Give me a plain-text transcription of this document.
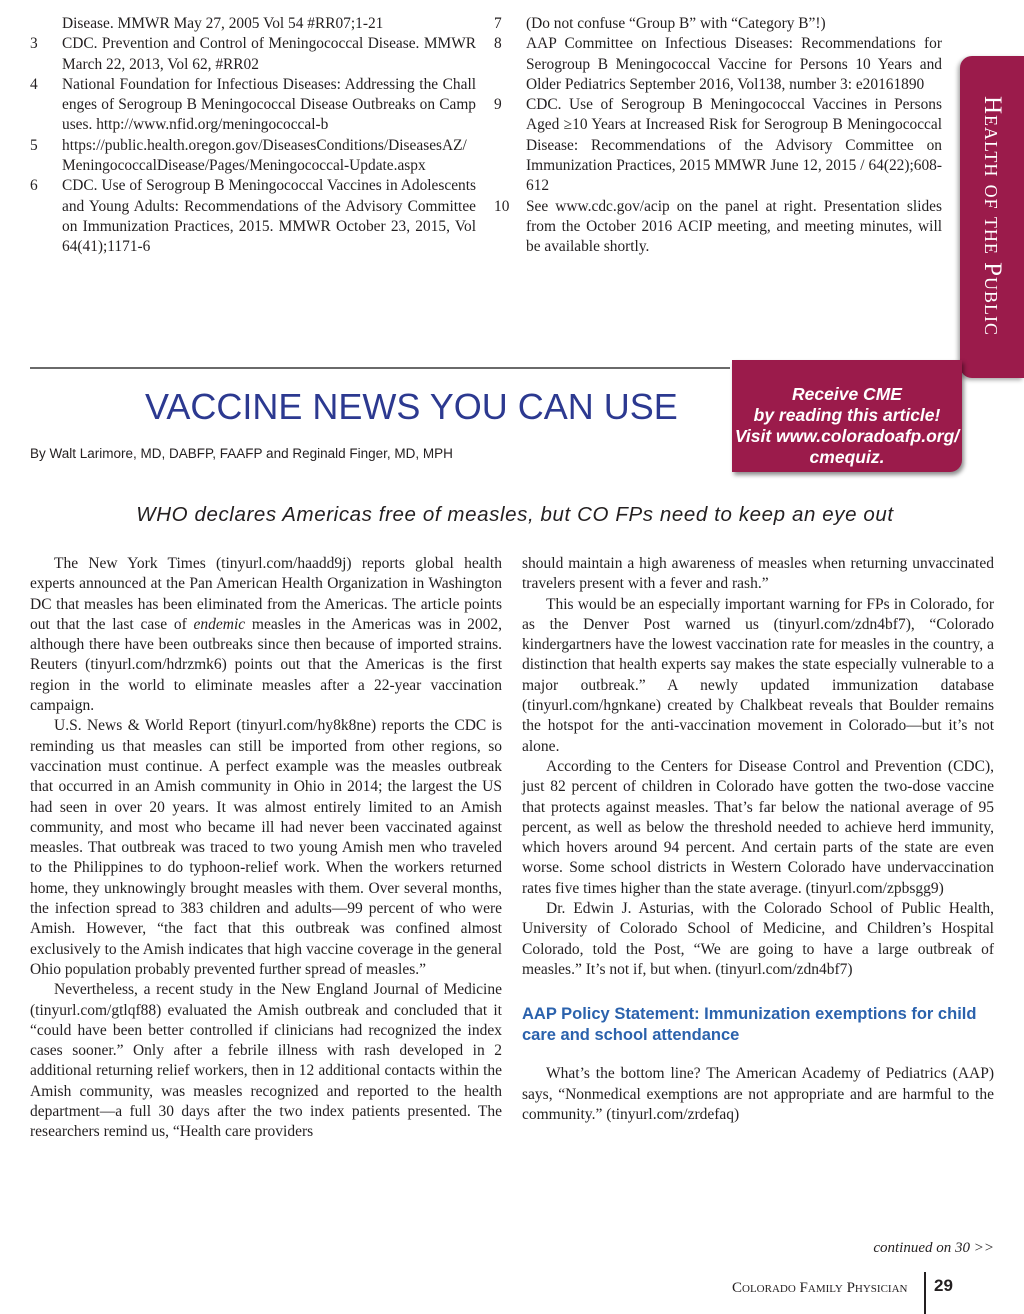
Disease. MMWR May 27, 2005 Vol 54 #RR07;1-21
3 CDC. Prevention and Control of Meningococcal Disease. MMWR March 22, 2013, Vol 62, #RR02
4 National Foundation for Infectious Diseases: Addressing the Challenges of Serogroup B Meningococcal Disease Outbreaks on Campuses. http://www.nfid.org/meningococcal-b
5 https://public.health.oregon.gov/DiseasesConditions/DiseasesAZ/MeningococcalDisease/Pages/Meningococcal-Update.aspx
6 CDC. Use of Serogroup B Meningococcal Vaccines in Adolescents and Young Adults: Recommendations of the Advisory Committee on Immunization Practices, 2015. MMWR October 23, 2015, Vol 64(41);1171-6
7 (Do not confuse “Group B” with “Category B”!)
8 AAP Committee on Infectious Diseases: Recommendations for Serogroup B Meningococcal Vaccine for Persons 10 Years and Older Pediatrics September 2016, Vol138, number 3: e20161890
9 CDC. Use of Serogroup B Meningococcal Vaccines in Persons Aged ≥10 Years at Increased Risk for Serogroup B Meningococcal Disease: Recommendations of the Advisory Committee on Immunization Practices, 2015 MMWR June 12, 2015 / 64(22);608-612
10 See www.cdc.gov/acip on the panel at right. Presentation slides from the October 2016 ACIP meeting, and meeting minutes, will be available shortly.	Health of the Public
Receive CME
by reading this article!
Visit www.coloradoafp.org/
cmequiz.
VACCINE NEWS YOU CAN USE
By Walt Larimore, MD, DABFP, FAAFP and Reginald Finger, MD, MPH
WHO declares Americas free of measles, but CO FPs need to keep an eye out

The New York Times (tinyurl.com/haadd9j) reports global health experts announced at the Pan American Health Organization in Washington DC that measles has been eliminated from the Americas. The article points out that the last case of endemic measles in the Americas was in 2002, although there have been outbreaks since then because of imported strains. Reuters (tinyurl.com/hdrzmk6) points out that the Americas is the first region in the world to eliminate measles after a 22-year vaccination campaign.

U.S. News & World Report (tinyurl.com/hy8k8ne) reports the CDC is reminding us that measles can still be imported from other regions, so vaccination must continue. A perfect example was the measles outbreak that occurred in an Amish community in Ohio in 2014; the largest the US had seen in over 20 years. It was almost entirely limited to an Amish community, and most who became ill had never been vaccinated against measles. That outbreak was traced to two young Amish men who traveled to the Philippines to do typhoon-relief work. When the workers returned home, they unknowingly brought measles with them. Over several months, the infection spread to 383 children and adults—99 percent of who were Amish. However, “the fact that this outbreak was confined almost exclusively to the Amish indicates that high vaccine coverage in the general Ohio population probably prevented further spread of measles.”

Nevertheless, a recent study in the New England Journal of Medicine (tinyurl.com/gtlqf88) evaluated the Amish outbreak and concluded that it “could have been better controlled if clinicians had recognized the index cases sooner.” Only after a febrile illness with rash developed in 2 additional returning relief workers, then in 12 additional contacts within the Amish community, was measles recognized and reported to the health department—a full 30 days after the two index patients presented. The researchers remind us, “Health care providers

should maintain a high awareness of measles when returning unvaccinated travelers present with a fever and rash.”

This would be an especially important warning for FPs in Colorado, for as the Denver Post warned us (tinyurl.com/zdn4bf7), “Colorado kindergartners have the lowest vaccination rate for measles in the country, a distinction that health experts say makes the state especially vulnerable to a major outbreak.” A newly updated immunization database (tinyurl.com/hgnkane) created by Chalkbeat reveals that Boulder remains the hotspot for the anti-vaccination movement in Colorado—but it’s not alone.

According to the Centers for Disease Control and Prevention (CDC), just 82 percent of children in Colorado have gotten the two-dose vaccine that protects against measles. That’s far below the national average of 95 percent, as well as below the threshold needed to achieve herd immunity, which hovers around 94 percent. And certain parts of the state are even worse. Some school districts in Western Colorado have undervaccination rates five times higher than the state average. (tinyurl.com/zpbsgg9)

Dr. Edwin J. Asturias, with the Colorado School of Public Health, University of Colorado School of Medicine, and Children’s Hospital Colorado, told the Post, “We are going to have a large outbreak of measles.” It’s not if, but when. (tinyurl.com/zdn4bf7)

AAP Policy Statement: Immunization exemptions for child care and school attendance

What’s the bottom line? The American Academy of Pediatrics (AAP) says, “Nonmedical exemptions are not appropriate and are harmful to the community.” (tinyurl.com/zrdefaq)

continued on 30 >>
Colorado Family Physician 29
